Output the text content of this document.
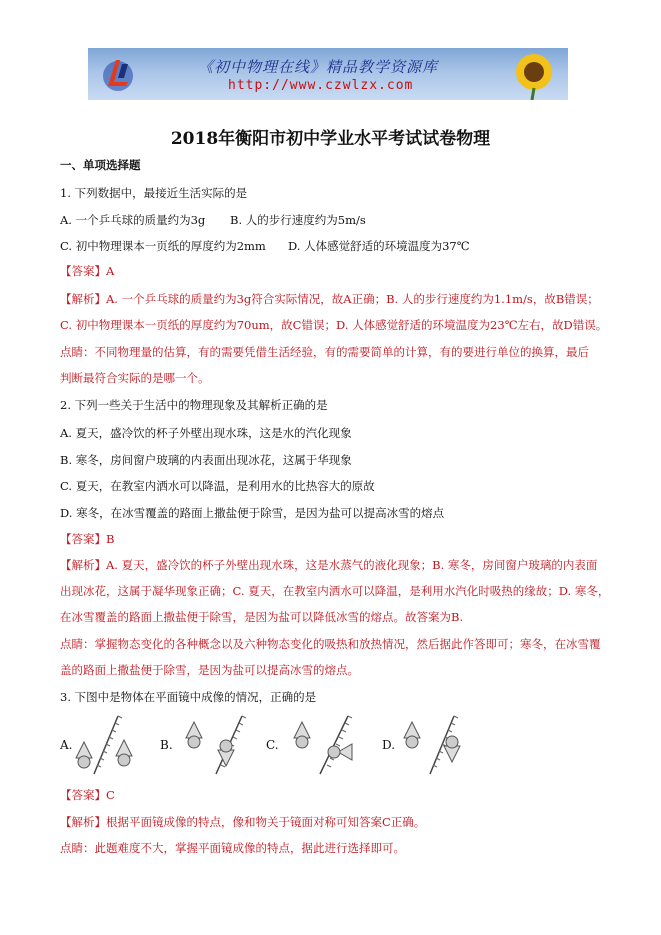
《初中物理在线》精品教学资源库
http://www.czwlzx.com
2018年衡阳市初中学业水平考试试卷物理
一、单项选择题
1. 下列数据中，最接近生活实际的是
A. 一个乒乓球的质量约为3g B. 人的步行速度约为5m/s
C. 初中物理课本一页纸的厚度约为2mm D. 人体感觉舒适的环境温度为37℃
【答案】A
【解析】A. 一个乒乓球的质量约为3g符合实际情况，故A正确；B. 人的步行速度约为1.1m/s，故B错误；
C. 初中物理课本一页纸的厚度约为70um，故C错误；D. 人体感觉舒适的环境温度为23℃左右，故D错误。
点睛：不同物理量的估算，有的需要凭借生活经验，有的需要简单的计算，有的要进行单位的换算，最后
判断最符合实际的是哪一个。
2. 下列一些关于生活中的物理现象及其解析正确的是
A. 夏天，盛冷饮的杯子外壁出现水珠，这是水的汽化现象
B. 寒冬，房间窗户玻璃的内表面出现冰花，这属于华现象
C. 夏天，在教室内洒水可以降温，是利用水的比热容大的原故
D. 寒冬，在冰雪覆盖的路面上撒盐便于除雪，是因为盐可以提高冰雪的熔点
【答案】B
【解析】A. 夏天，盛冷饮的杯子外壁出现水珠，这是水蒸气的液化现象；B. 寒冬，房间窗户玻璃的内表面
出现冰花，这属于凝华现象正确；C. 夏天，在教室内洒水可以降温，是利用水汽化时吸热的缘故；D. 寒冬，
在冰雪覆盖的路面上撒盐便于除雪，是因为盐可以降低冰雪的熔点。故答案为B.
点睛：掌握物态变化的各种概念以及六种物态变化的吸热和放热情况，然后据此作答即可；寒冬，在冰雪覆
盖的路面上撒盐便于除雪，是因为盐可以提高冰雪的熔点。
3. 下图中是物体在平面镜中成像的情况，正确的是
A.	B.	C.	D.
【答案】C
【解析】根据平面镜成像的特点，像和物关于镜面对称可知答案C正确。
点睛：此题难度不大，掌握平面镜成像的特点，据此进行选择即可。
